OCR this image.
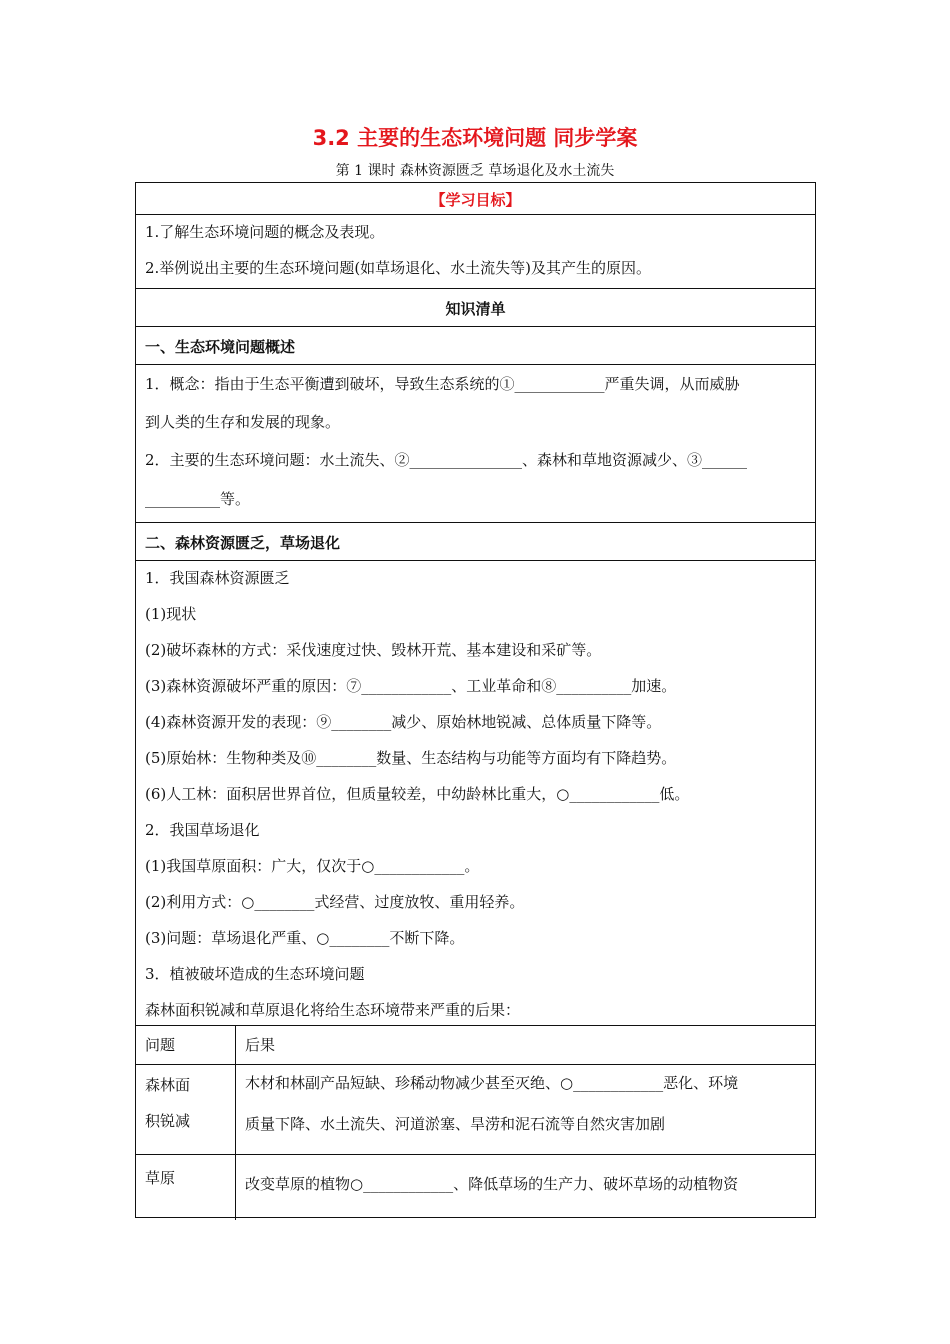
3.2 主要的生态环境问题 同步学案
第 1 课时 森林资源匮乏 草场退化及水土流失
【学习目标】
1.了解生态环境问题的概念及表现。
2.举例说出主要的生态环境问题(如草场退化、水土流失等)及其产生的原因。
知识清单
一、生态环境问题概述
1．概念：指由于生态平衡遭到破坏，导致生态系统的①____________严重失调，从而威胁
到人类的生存和发展的现象。
2．主要的生态环境问题：水土流失、②_______________、森林和草地资源减少、③______
__________等。
二、森林资源匮乏，草场退化
1．我国森林资源匮乏
(1)现状
(2)破坏森林的方式：采伐速度过快、毁林开荒、基本建设和采矿等。
(3)森林资源破坏严重的原因：⑦____________、工业革命和⑧__________加速。
(4)森林资源开发的表现：⑨________减少、原始林地锐减、总体质量下降等。
(5)原始林：生物种类及⑩________数量、生态结构与功能等方面均有下降趋势。
(6)人工林：面积居世界首位，但质量较差，中幼龄林比重大，○____________低。
2．我国草场退化
(1)我国草原面积：广大，仅次于○____________。
(2)利用方式：○________式经营、过度放牧、重用轻养。
(3)问题：草场退化严重、○________不断下降。
3．植被破坏造成的生态环境问题
森林面积锐减和草原退化将给生态环境带来严重的后果：
问题	后果
森林面
积锐减
木材和林副产品短缺、珍稀动物减少甚至灭绝、○____________恶化、环境
质量下降、水土流失、河道淤塞、旱涝和泥石流等自然灾害加剧
草原	改变草原的植物○____________、降低草场的生产力、破坏草场的动植物资
